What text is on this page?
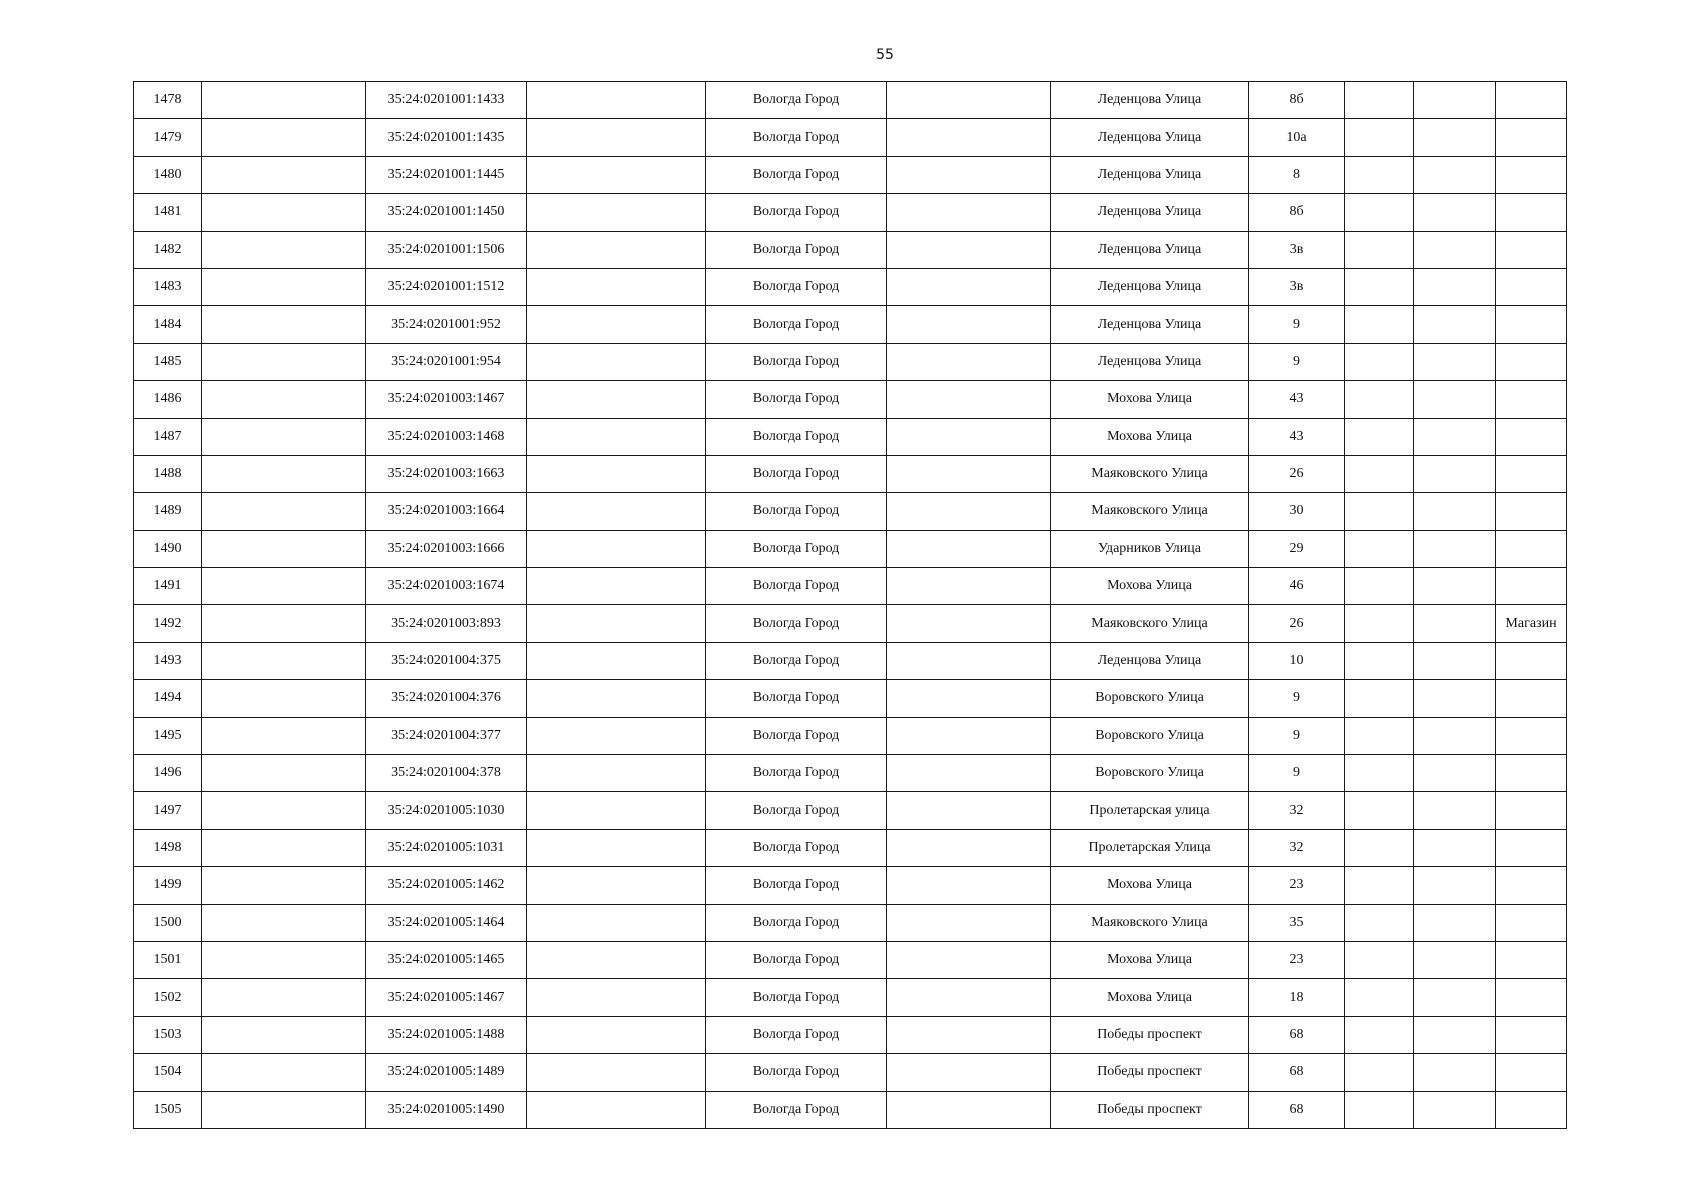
55
1478		35:24:0201001:1433		Вологда Город		Леденцова Улица	8б			
1479		35:24:0201001:1435		Вологда Город		Леденцова Улица	10а			
1480		35:24:0201001:1445		Вологда Город		Леденцова Улица	8			
1481		35:24:0201001:1450		Вологда Город		Леденцова Улица	8б			
1482		35:24:0201001:1506		Вологда Город		Леденцова Улица	3в			
1483		35:24:0201001:1512		Вологда Город		Леденцова Улица	3в			
1484		35:24:0201001:952		Вологда Город		Леденцова Улица	9			
1485		35:24:0201001:954		Вологда Город		Леденцова Улица	9			
1486		35:24:0201003:1467		Вологда Город		Мохова Улица	43			
1487		35:24:0201003:1468		Вологда Город		Мохова Улица	43			
1488		35:24:0201003:1663		Вологда Город		Маяковского Улица	26			
1489		35:24:0201003:1664		Вологда Город		Маяковского Улица	30			
1490		35:24:0201003:1666		Вологда Город		Ударников Улица	29			
1491		35:24:0201003:1674		Вологда Город		Мохова Улица	46			
1492		35:24:0201003:893		Вологда Город		Маяковского Улица	26			Магазин
1493		35:24:0201004:375		Вологда Город		Леденцова Улица	10			
1494		35:24:0201004:376		Вологда Город		Воровского Улица	9			
1495		35:24:0201004:377		Вологда Город		Воровского Улица	9			
1496		35:24:0201004:378		Вологда Город		Воровского Улица	9			
1497		35:24:0201005:1030		Вологда Город		Пролетарская улица	32			
1498		35:24:0201005:1031		Вологда Город		Пролетарская Улица	32			
1499		35:24:0201005:1462		Вологда Город		Мохова Улица	23			
1500		35:24:0201005:1464		Вологда Город		Маяковского Улица	35			
1501		35:24:0201005:1465		Вологда Город		Мохова Улица	23			
1502		35:24:0201005:1467		Вологда Город		Мохова Улица	18			
1503		35:24:0201005:1488		Вологда Город		Победы проспект	68			
1504		35:24:0201005:1489		Вологда Город		Победы проспект	68			
1505		35:24:0201005:1490		Вологда Город		Победы проспект	68			
